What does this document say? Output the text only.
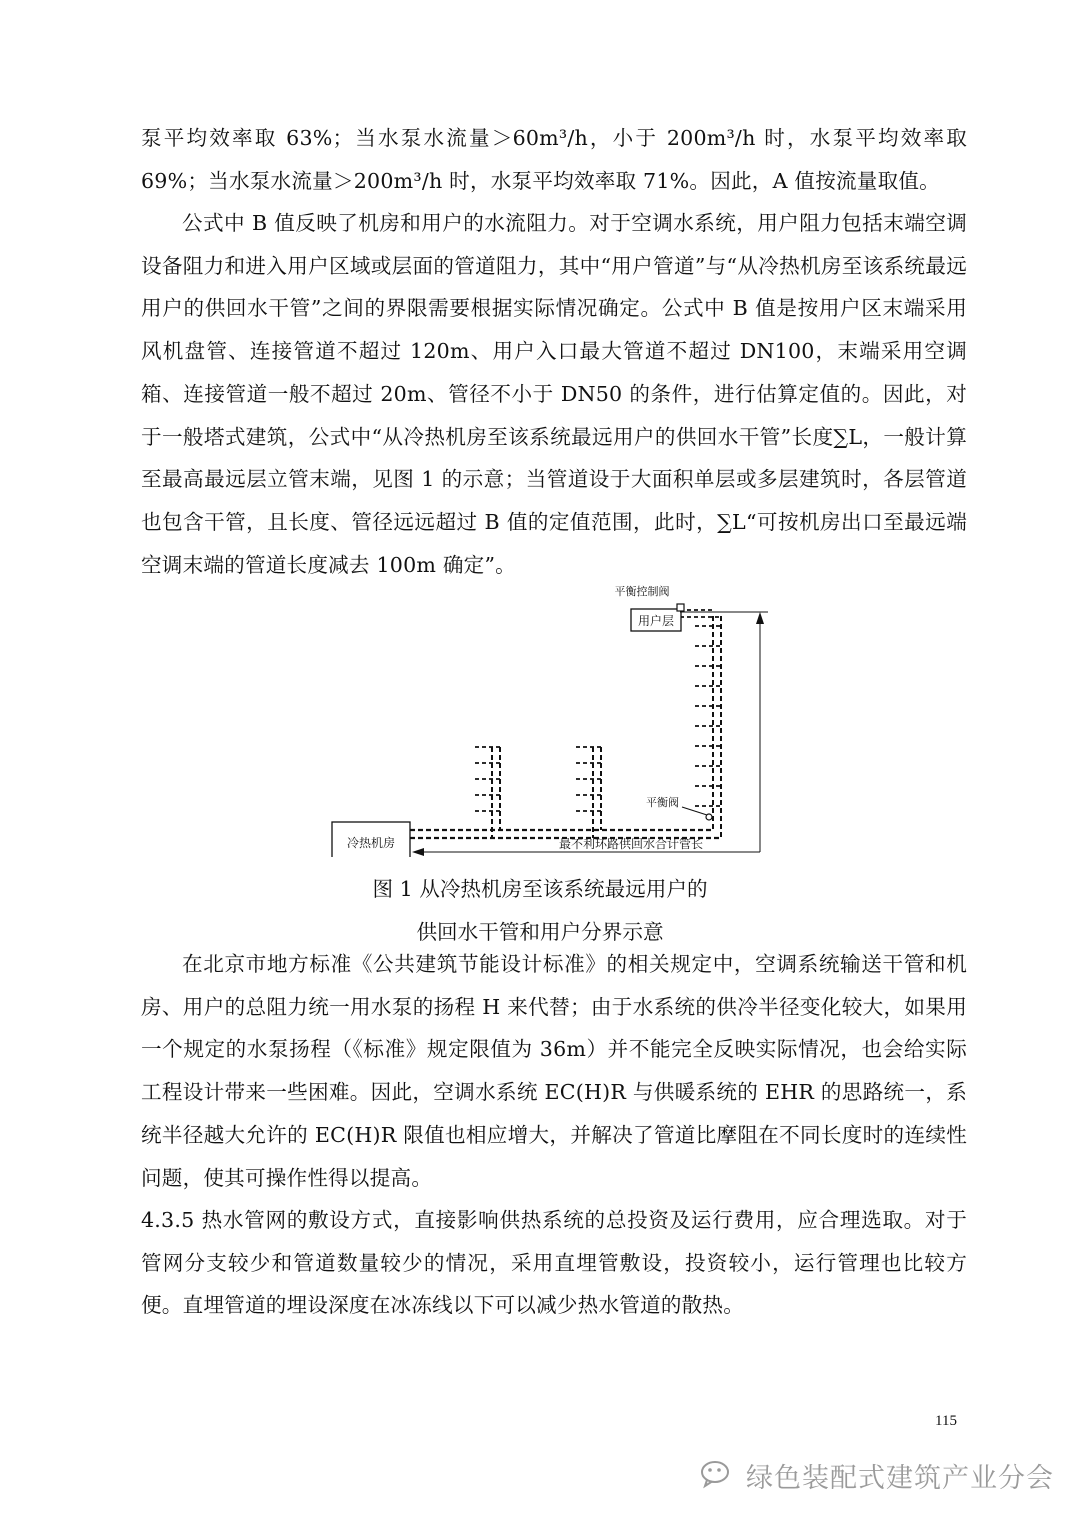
泵平均效率取 63%；当水泵水流量＞60m³/h，小于 200m³/h 时，水泵平均效率取 69%；当水泵水流量＞200m³/h 时，水泵平均效率取 71%。因此，A 值按流量取值。

公式中 B 值反映了机房和用户的水流阻力。对于空调水系统，用户阻力包括末端空调设备阻力和进入用户区域或层面的管道阻力，其中“用户管道”与“从冷热机房至该系统最远用户的供回水干管”之间的界限需要根据实际情况确定。公式中 B 值是按用户区末端采用风机盘管、连接管道不超过 120m、用户入口最大管道不超过 DN100，末端采用空调箱、连接管道一般不超过 20m、管径不小于 DN50 的条件，进行估算定值的。因此，对于一般塔式建筑，公式中“从冷热机房至该系统最远用户的供回水干管”长度∑L，一般计算至最高最远层立管末端，见图 1 的示意；当管道设于大面积单层或多层建筑时，各层管道也包含干管，且长度、管径远远超过 B 值的定值范围，此时，∑L“可按机房出口至最远端空调末端的管道长度减去 100m 确定”。

冷热机房
用户层
平衡控制阀
平衡阀
最不利环路供回水合计管长

图 1 从冷热机房至该系统最远用户的

供回水干管和用户分界示意

在北京市地方标准《公共建筑节能设计标准》的相关规定中，空调系统输送干管和机房、用户的总阻力统一用水泵的扬程 H 来代替；由于水系统的供冷半径变化较大，如果用一个规定的水泵扬程（《标准》规定限值为 36m）并不能完全反映实际情况，也会给实际工程设计带来一些困难。因此，空调水系统 EC(H)R 与供暖系统的 EHR 的思路统一，系统半径越大允许的 EC(H)R 限值也相应增大，并解决了管道比摩阻在不同长度时的连续性问题，使其可操作性得以提高。

4.3.5 热水管网的敷设方式，直接影响供热系统的总投资及运行费用，应合理选取。对于管网分支较少和管道数量较少的情况，采用直埋管敷设，投资较小，运行管理也比较方便。直埋管道的埋设深度在冰冻线以下可以减少热水管道的散热。

115
绿色装配式建筑产业分会
